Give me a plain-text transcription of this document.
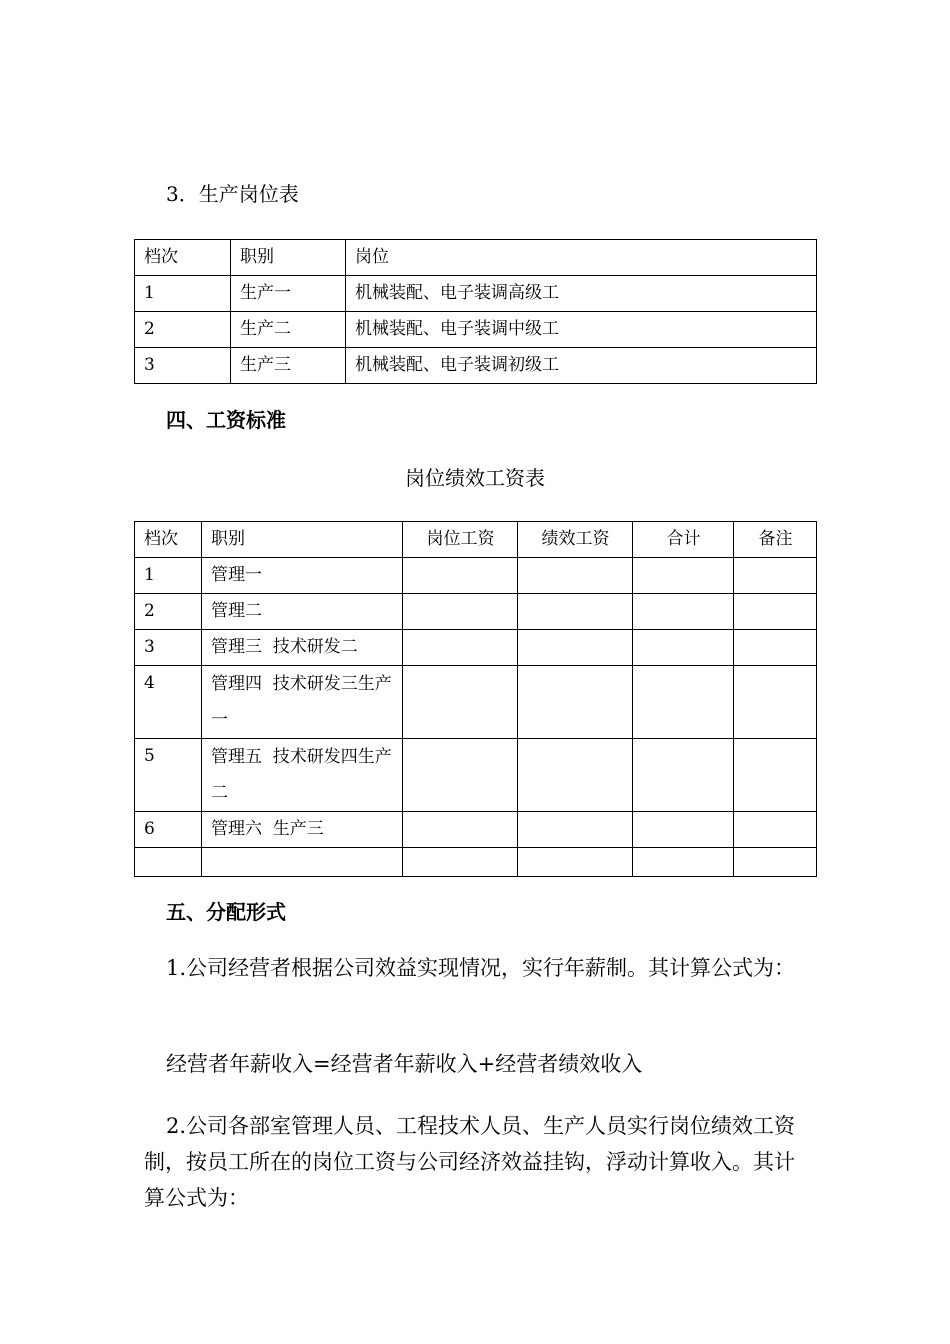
3．生产岗位表
档次	职别	岗位
1	生产一	机械装配、电子装调高级工
2	生产二	机械装配、电子装调中级工
3	生产三	机械装配、电子装调初级工
四、工资标准
岗位绩效工资表
档次	职别	岗位工资	绩效工资	合计	备注
1	管理一				
2	管理二				
3	管理三  技术研发二				
4	管理四  技术研发三生产一				
5	管理五  技术研发四生产二				
6	管理六  生产三				

五、分配形式
1.公司经营者根据公司效益实现情况，实行年薪制。其计算公式为：
经营者年薪收入=经营者年薪收入+经营者绩效收入
2.公司各部室管理人员、工程技术人员、生产人员实行岗位绩效工资制，按员工所在的岗位工资与公司经济效益挂钩，浮动计算收入。其计算公式为：
